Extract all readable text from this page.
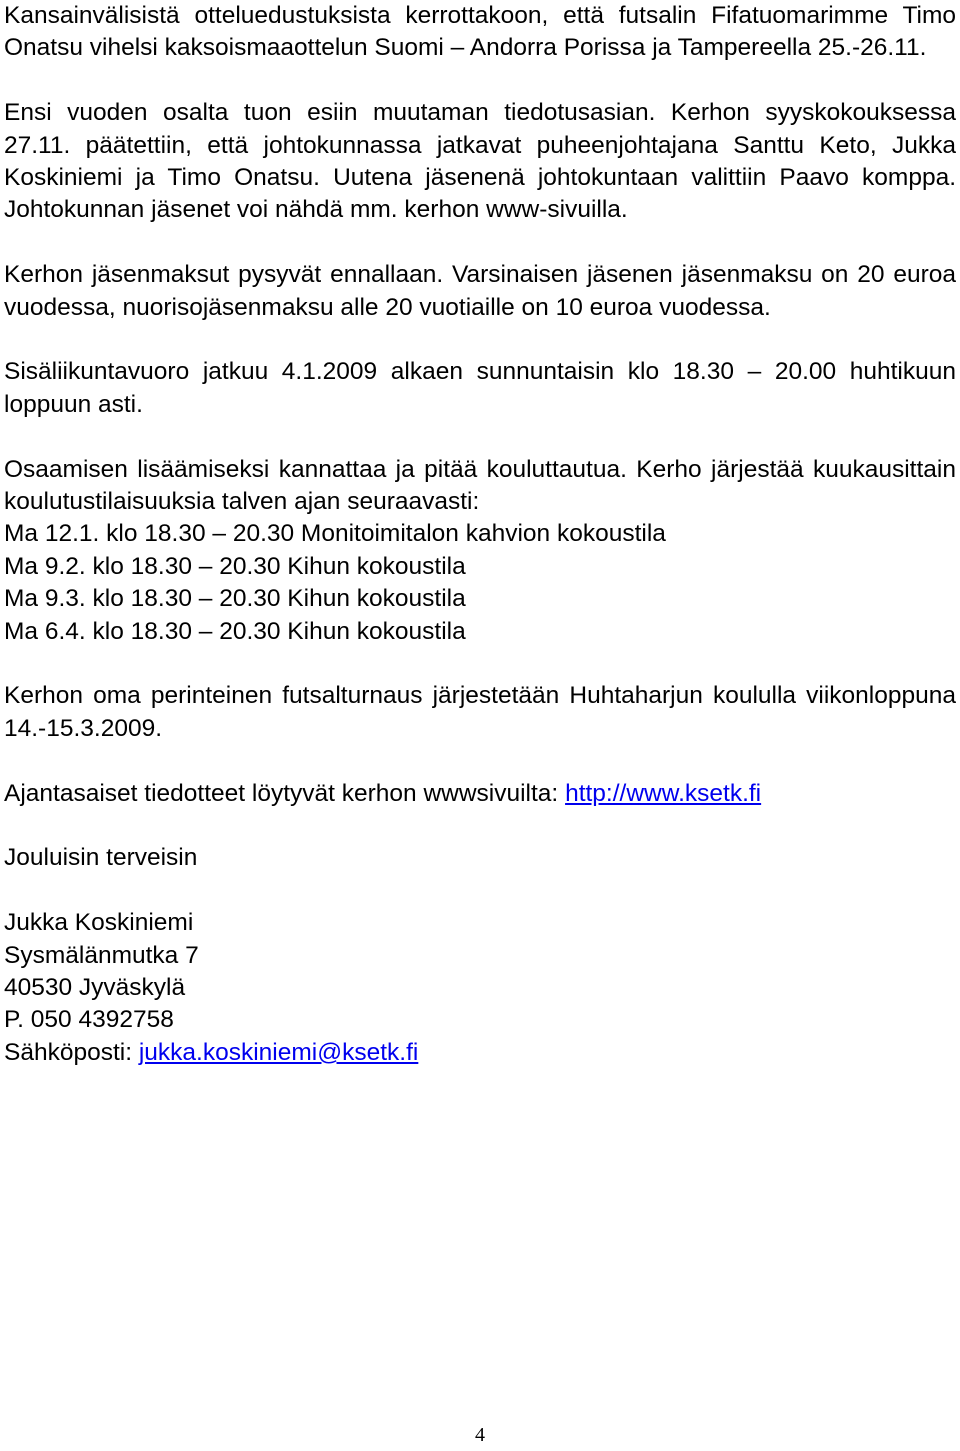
Kansainvälisistä otteluedustuksista kerrottakoon, että futsalin Fifatuomarimme Timo Onatsu vihelsi kaksoismaaottelun Suomi – Andorra Porissa ja Tampereella 25.-26.11.

Ensi vuoden osalta tuon esiin muutaman tiedotusasian. Kerhon syyskokouksessa 27.11. päätettiin, että johtokunnassa jatkavat puheenjohtajana Santtu Keto, Jukka Koskiniemi ja Timo Onatsu. Uutena jäsenenä johtokuntaan valittiin Paavo komppa. Johtokunnan jäsenet voi nähdä mm. kerhon www-sivuilla.

Kerhon jäsenmaksut pysyvät ennallaan. Varsinaisen jäsenen jäsenmaksu on 20 euroa vuodessa, nuorisojäsenmaksu alle 20 vuotiaille on 10 euroa vuodessa.

Sisäliikuntavuoro jatkuu 4.1.2009 alkaen sunnuntaisin klo 18.30 – 20.00 huhtikuun loppuun asti.

Osaamisen lisäämiseksi kannattaa ja pitää kouluttautua. Kerho järjestää kuukausittain koulutustilaisuuksia talven ajan seuraavasti:

Ma 12.1. klo 18.30 – 20.30 Monitoimitalon kahvion kokoustila
Ma 9.2. klo 18.30 – 20.30 Kihun kokoustila
Ma 9.3. klo 18.30 – 20.30 Kihun kokoustila
Ma 6.4. klo 18.30 – 20.30 Kihun kokoustila

Kerhon oma perinteinen futsalturnaus järjestetään Huhtaharjun koululla viikonloppuna 14.-15.3.2009.

Ajantasaiset tiedotteet löytyvät kerhon wwwsivuilta: http://www.ksetk.fi

Jouluisin terveisin

Jukka Koskiniemi
Sysmälänmutka 7
40530 Jyväskylä
P. 050 4392758
Sähköposti: jukka.koskiniemi@ksetk.fi
4
